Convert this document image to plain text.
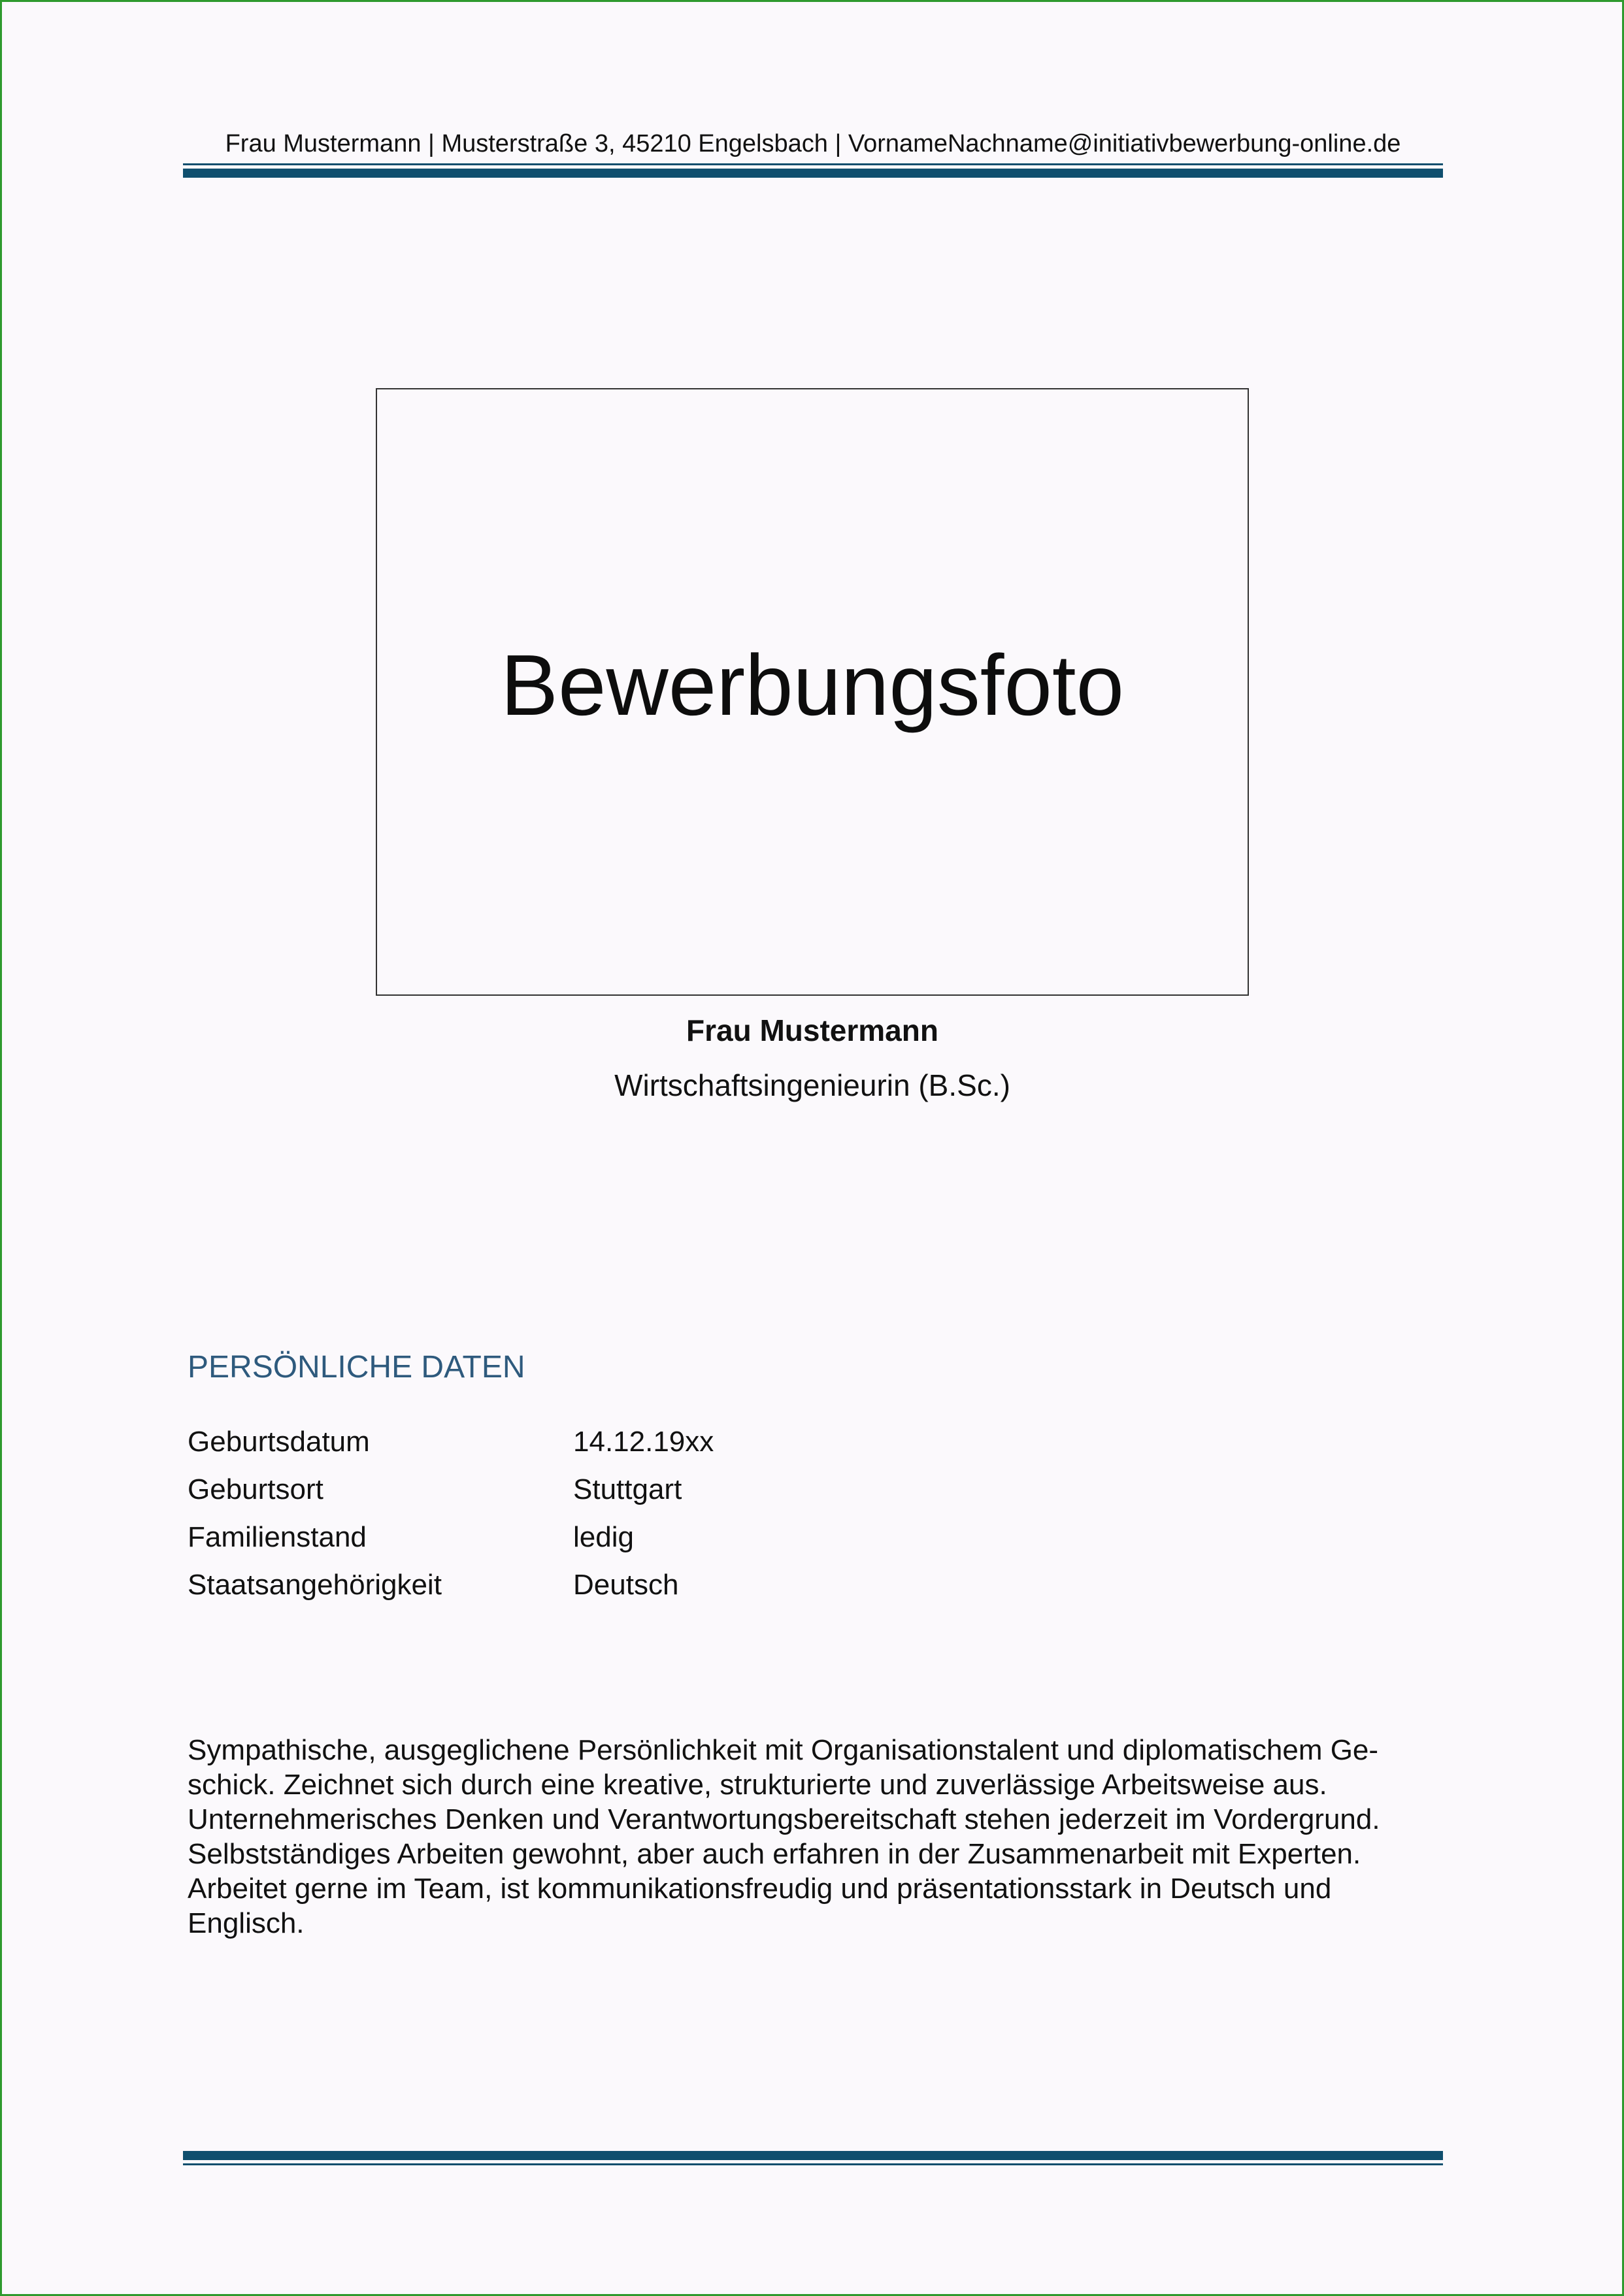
Frau Mustermann | Musterstraße 3, 45210 Engelsbach | VornameNachname@initiativbewerbung-online.de
Bewerbungsfoto
Frau Mustermann
Wirtschaftsingenieurin (B.Sc.)
PERSÖNLICHE DATEN
Geburtsdatum	14.12.19xx
Geburtsort	Stuttgart
Familienstand	ledig
Staatsangehörigkeit	Deutsch
Sympathische, ausgeglichene Persönlichkeit mit Organisationstalent und diplomatischem Ge-
schick. Zeichnet sich durch eine kreative, strukturierte und zuverlässige Arbeitsweise aus.
Unternehmerisches Denken und Verantwortungsbereitschaft stehen jederzeit im Vordergrund.
Selbstständiges Arbeiten gewohnt, aber auch erfahren in der Zusammenarbeit mit Experten.
Arbeitet gerne im Team, ist kommunikationsfreudig und präsentationsstark in Deutsch und
Englisch.
